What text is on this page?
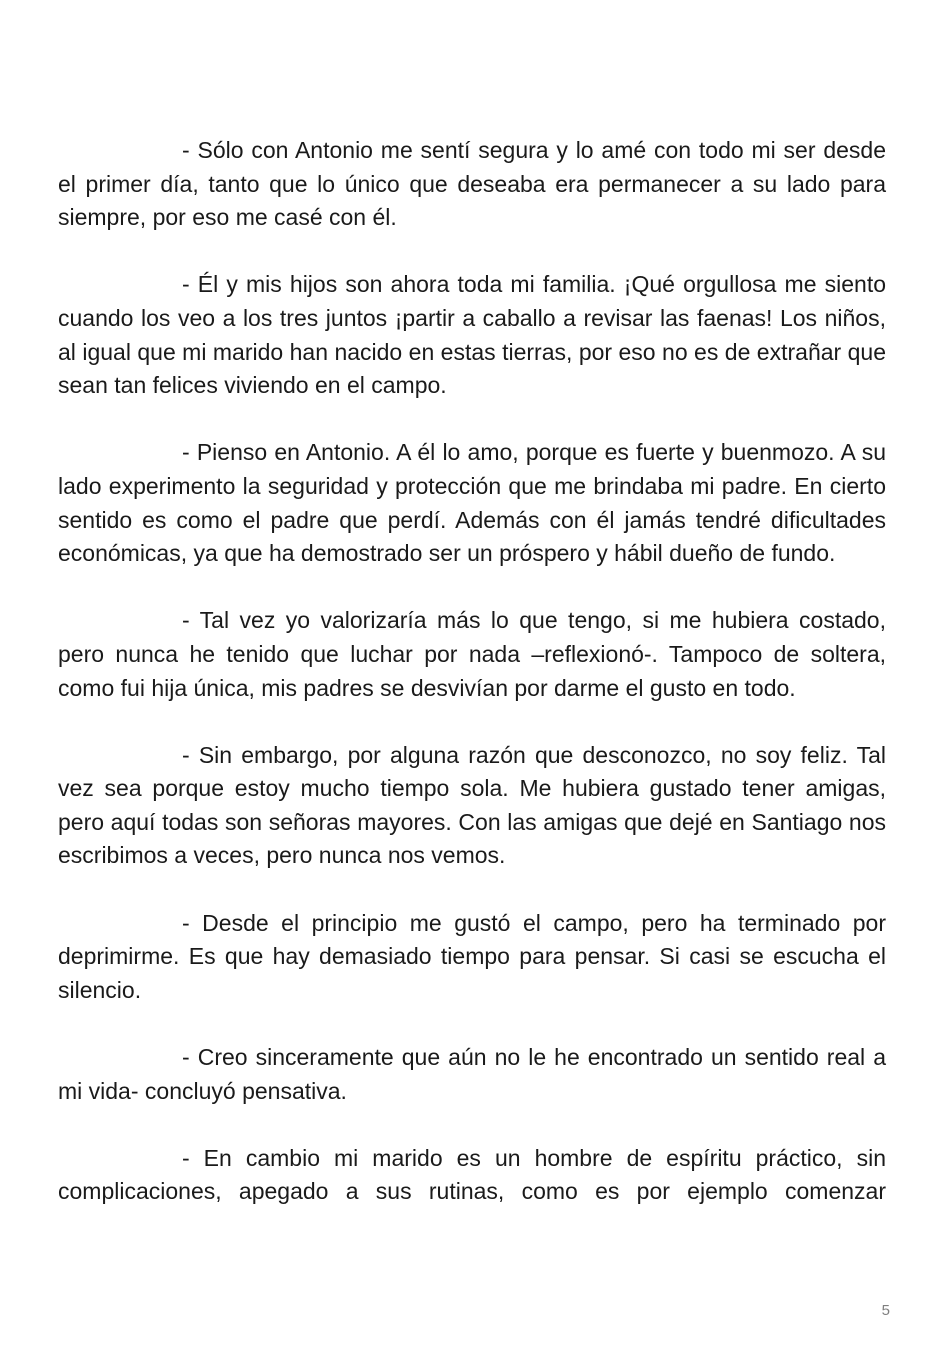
- Sólo con Antonio me sentí segura y lo amé con todo mi ser desde el primer día, tanto que lo único que deseaba era permanecer a su lado para siempre, por eso me casé con él.

- Él y mis hijos son ahora toda mi familia. ¡Qué orgullosa me siento cuando los veo a los tres juntos ¡partir a caballo a revisar las faenas! Los niños, al igual que mi marido han nacido en estas tierras, por eso no es de extrañar que sean tan felices viviendo en el campo.

- Pienso en Antonio. A él lo amo, porque es fuerte y buenmozo. A su lado experimento la seguridad y protección que me brindaba mi padre. En cierto sentido es como el padre que perdí. Además con él jamás tendré dificultades económicas, ya que ha demostrado ser un próspero y hábil dueño de fundo.

- Tal vez yo valorizaría más lo que tengo, si me hubiera costado, pero nunca he tenido que luchar por nada –reflexionó-. Tampoco de soltera, como fui hija única, mis padres se desvivían por darme el gusto en todo.

- Sin embargo, por alguna razón que desconozco, no soy feliz. Tal vez sea porque estoy mucho tiempo sola. Me hubiera gustado tener amigas, pero aquí todas son señoras mayores. Con las amigas que dejé en Santiago nos escribimos a veces, pero nunca nos vemos.

- Desde el principio me gustó el campo, pero ha terminado por deprimirme. Es que hay demasiado tiempo para pensar. Si casi se escucha el silencio.

- Creo sinceramente que aún no le he encontrado un sentido real a mi vida- concluyó pensativa.

- En cambio mi marido es un hombre de espíritu práctico, sin complicaciones, apegado a sus rutinas, como es por ejemplo comenzar

5
